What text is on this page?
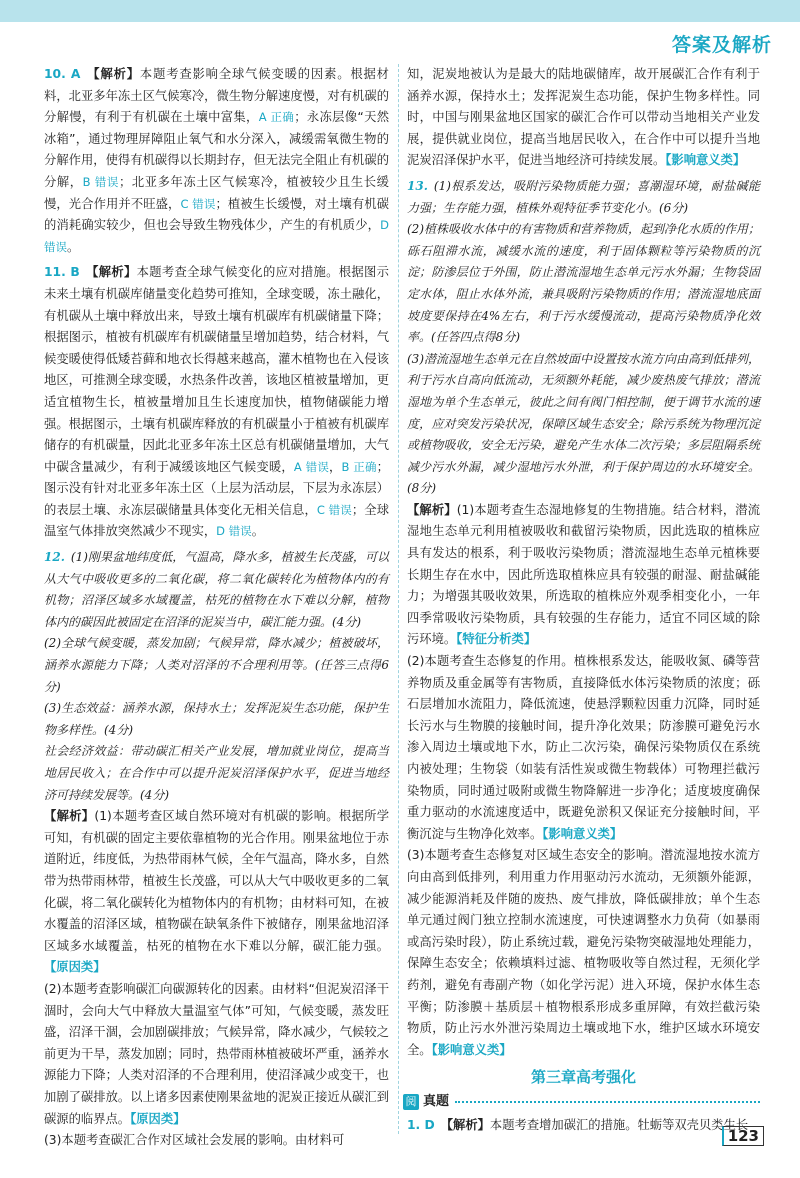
答案及解析

10. A 【解析】本题考查影响全球气候变暖的因素。根据材料，北亚多年冻土区气候寒冷，微生物分解速度慢，对有机碳的分解慢，有利于有机碳在土壤中富集，A 正确；永冻层像“天然冰箱”，通过物理屏障阻止氧气和水分深入，减缓需氧微生物的分解作用，使得有机碳得以长期封存，但无法完全阻止有机碳的分解，B 错误；北亚多年冻土区气候寒冷，植被较少且生长缓慢，光合作用并不旺盛，C 错误；植被生长缓慢，对土壤有机碳的消耗确实较少，但也会导致生物残体少，产生的有机质少，D 错误。

11. B 【解析】本题考查全球气候变化的应对措施。根据图示未来土壤有机碳库储量变化趋势可推知，全球变暖，冻土融化，有机碳从土壤中释放出来，导致土壤有机碳库有机碳储量下降；根据图示，植被有机碳库有机碳储量呈增加趋势，结合材料，气候变暖使得低矮苔藓和地衣长得越来越高，灌木植物也在入侵该地区，可推测全球变暖，水热条件改善，该地区植被量增加，更适宜植物生长，植被量增加且生长速度加快，植物储碳能力增强。根据图示，土壤有机碳库释放的有机碳量小于植被有机碳库储存的有机碳量，因此北亚多年冻土区总有机碳储量增加，大气中碳含量减少，有利于减缓该地区气候变暖，A 错误，B 正确；图示没有针对北亚多年冻土区（上层为活动层，下层为永冻层）的表层土壤、永冻层碳储量具体变化无相关信息，C 错误；全球温室气体排放突然减少不现实，D 错误。

12. (1)刚果盆地纬度低，气温高，降水多，植被生长茂盛，可以从大气中吸收更多的二氧化碳，将二氧化碳转化为植物体内的有机物；沼泽区域多水域覆盖，枯死的植物在水下难以分解，植物体内的碳因此被固定在沼泽的泥炭当中，碳汇能力强。(4分)

(2)全球气候变暖，蒸发加剧；气候异常，降水减少；植被破坏，涵养水源能力下降；人类对沼泽的不合理利用等。(任答三点得6分)

(3)生态效益：涵养水源，保持水土；发挥泥炭生态功能，保护生物多样性。(4分)

社会经济效益：带动碳汇相关产业发展，增加就业岗位，提高当地居民收入；在合作中可以提升泥炭沼泽保护水平，促进当地经济可持续发展等。(4分)

【解析】(1)本题考查区域自然环境对有机碳的影响。根据所学可知，有机碳的固定主要依靠植物的光合作用。刚果盆地位于赤道附近，纬度低，为热带雨林气候，全年气温高，降水多，自然带为热带雨林带，植被生长茂盛，可以从大气中吸收更多的二氧化碳，将二氧化碳转化为植物体内的有机物；由材料可知，在被水覆盖的沼泽区域，植物碳在缺氧条件下被储存，刚果盆地沼泽区域多水域覆盖，枯死的植物在水下难以分解，碳汇能力强。【原因类】

(2)本题考查影响碳汇向碳源转化的因素。由材料“但泥炭沼泽干涸时，会向大气中释放大量温室气体”可知，气候变暖，蒸发旺盛，沼泽干涸，会加剧碳排放；气候异常，降水减少，气候较之前更为干旱，蒸发加剧；同时，热带雨林植被破坏严重，涵养水源能力下降；人类对沼泽的不合理利用，使沼泽减少或变干，也加剧了碳排放。以上诸多因素使刚果盆地的泥炭正接近从碳汇到碳源的临界点。【原因类】

(3)本题考查碳汇合作对区域社会发展的影响。由材料可

知，泥炭地被认为是最大的陆地碳储库，故开展碳汇合作有利于涵养水源，保持水土；发挥泥炭生态功能，保护生物多样性。同时，中国与刚果盆地区国家的碳汇合作可以带动当地相关产业发展，提供就业岗位，提高当地居民收入，在合作中可以提升当地泥炭沼泽保护水平，促进当地经济可持续发展。【影响意义类】

13. (1)根系发达，吸附污染物质能力强；喜潮湿环境，耐盐碱能力强；生存能力强，植株外观特征季节变化小。(6分)

(2)植株吸收水体中的有害物质和营养物质，起到净化水质的作用；砾石阻滞水流，减缓水流的速度，利于固体颗粒等污染物质的沉淀；防渗层位于外围，防止潜流湿地生态单元污水外漏；生物袋固定水体，阻止水体外流，兼具吸附污染物质的作用；潜流湿地底面坡度要保持在4%左右，利于污水缓慢流动，提高污染物质净化效率。(任答四点得8分)

(3)潜流湿地生态单元在自然坡面中设置按水流方向由高到低排列，利于污水自高向低流动，无须额外耗能，减少废热废气排放；潜流湿地为单个生态单元，彼此之间有阀门相控制，便于调节水流的速度，应对突发污染状况，保障区域生态安全；除污系统为物理沉淀或植物吸收，安全无污染，避免产生水体二次污染；多层阻隔系统减少污水外漏，减少湿地污水外泄，利于保护周边的水环境安全。(8分)

【解析】(1)本题考查生态湿地修复的生物措施。结合材料，潜流湿地生态单元利用植被吸收和截留污染物质，因此选取的植株应具有发达的根系，利于吸收污染物质；潜流湿地生态单元植株要长期生存在水中，因此所选取植株应具有较强的耐湿、耐盐碱能力；为增强其吸收效果，所选取的植株应外观季相变化小，一年四季常吸收污染物质，具有较强的生存能力，适宜不同区域的除污环境。【特征分析类】

(2)本题考查生态修复的作用。植株根系发达，能吸收氮、磷等营养物质及重金属等有害物质，直接降低水体污染物质的浓度；砾石层增加水流阻力，降低流速，使悬浮颗粒因重力沉降，同时延长污水与生物膜的接触时间，提升净化效果；防渗膜可避免污水渗入周边土壤或地下水，防止二次污染，确保污染物质仅在系统内被处理；生物袋（如装有活性炭或微生物载体）可物理拦截污染物质，同时通过吸附或微生物降解进一步净化；适度坡度确保重力驱动的水流速度适中，既避免淤积又保证充分接触时间，平衡沉淀与生物净化效率。【影响意义类】

(3)本题考查生态修复对区域生态安全的影响。潜流湿地按水流方向由高到低排列，利用重力作用驱动污水流动，无须额外能源，减少能源消耗及伴随的废热、废气排放，降低碳排放；单个生态单元通过阀门独立控制水流速度，可快速调整水力负荷（如暴雨或高污染时段），防止系统过载，避免污染物突破湿地处理能力，保障生态安全；依赖填料过滤、植物吸收等自然过程，无须化学药剂，避免有毒副产物（如化学污泥）进入环境，保护水体生态平衡；防渗膜＋基质层＋植物根系形成多重屏障，有效拦截污染物质，防止污水外泄污染周边土壤或地下水，维护区域水环境安全。【影响意义类】

第三章高考强化
阅 真题

1. D 【解析】本题考查增加碳汇的措施。牡蛎等双壳贝类生长

123
